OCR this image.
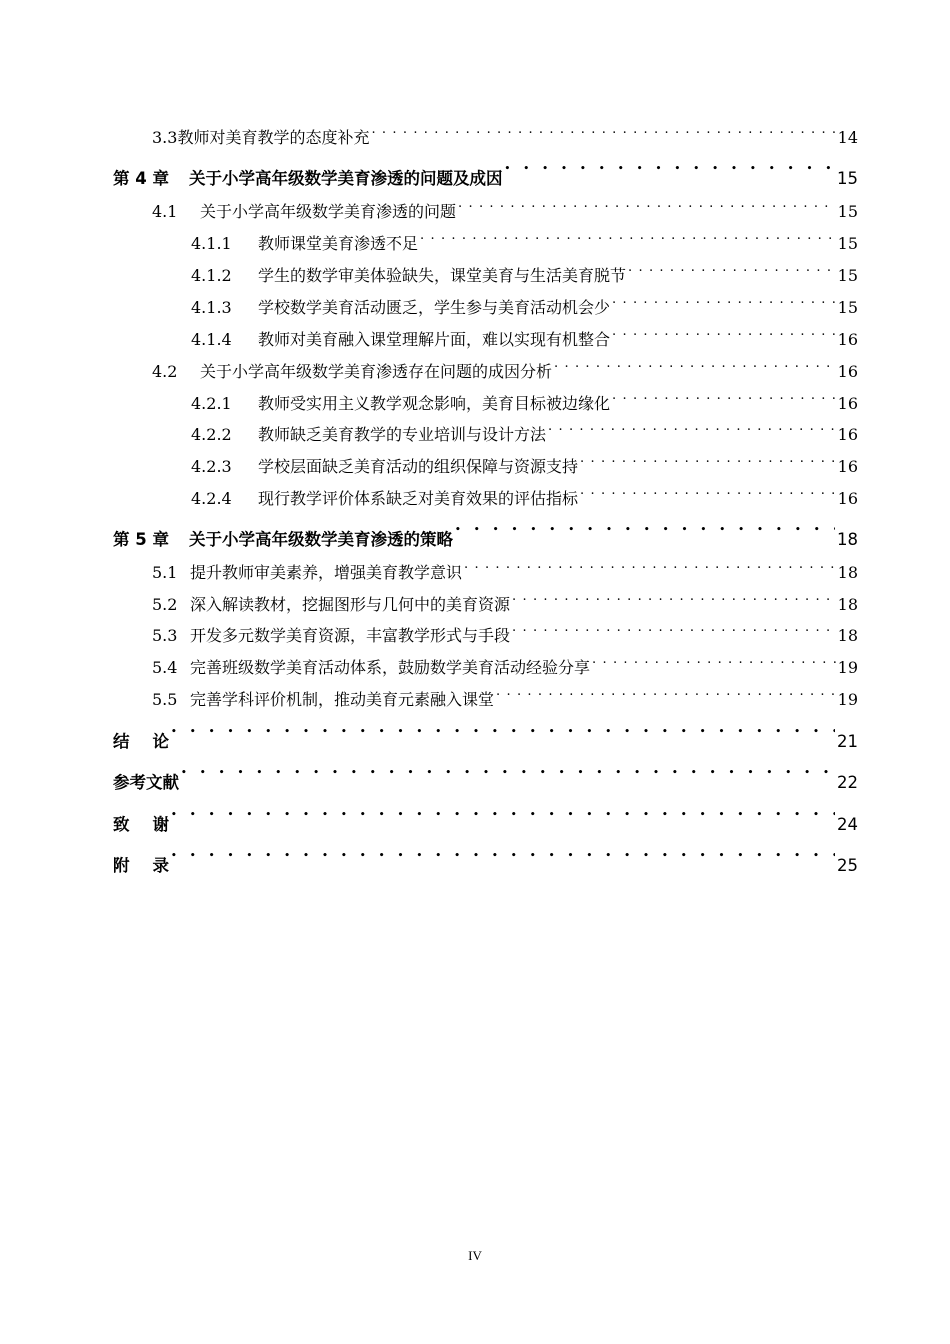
3.3 教师对美育教学的态度补充 . . .	14
第 4 章	关于小学高年级数学美育渗透的问题及成因 • • •	15
4.1	关于小学高年级数学美育渗透的问题 . . .	15
4.1.1	教师课堂美育渗透不足 . . .	15
4.1.2	学生的数学审美体验缺失，课堂美育与生活美育脱节 . . .	15
4.1.3	学校数学美育活动匮乏，学生参与美育活动机会少 . . .	15
4.1.4	教师对美育融入课堂理解片面，难以实现有机整合 . . .	16
4.2	关于小学高年级数学美育渗透存在问题的成因分析 . . .	16
4.2.1	教师受实用主义教学观念影响，美育目标被边缘化 . . .	16
4.2.2	教师缺乏美育教学的专业培训与设计方法 . . .	16
4.2.3	学校层面缺乏美育活动的组织保障与资源支持 . . .	16
4.2.4	现行教学评价体系缺乏对美育效果的评估指标 . . .	16
第 5 章	关于小学高年级数学美育渗透的策略 • • •	18
5.1 提升教师审美素养，增强美育教学意识 . . .	18
5.2 深入解读教材，挖掘图形与几何中的美育资源 . . .	18
5.3 开发多元数学美育资源，丰富教学形式与手段 . . .	18
5.4 完善班级数学美育活动体系，鼓励数学美育活动经验分享 . . .	19
5.5 完善学科评价机制，推动美育元素融入课堂 . . .	19
结    论 • • •	21
参考文献 • • •	22
致    谢 • • •	24
附    录 • • •	25
IV
